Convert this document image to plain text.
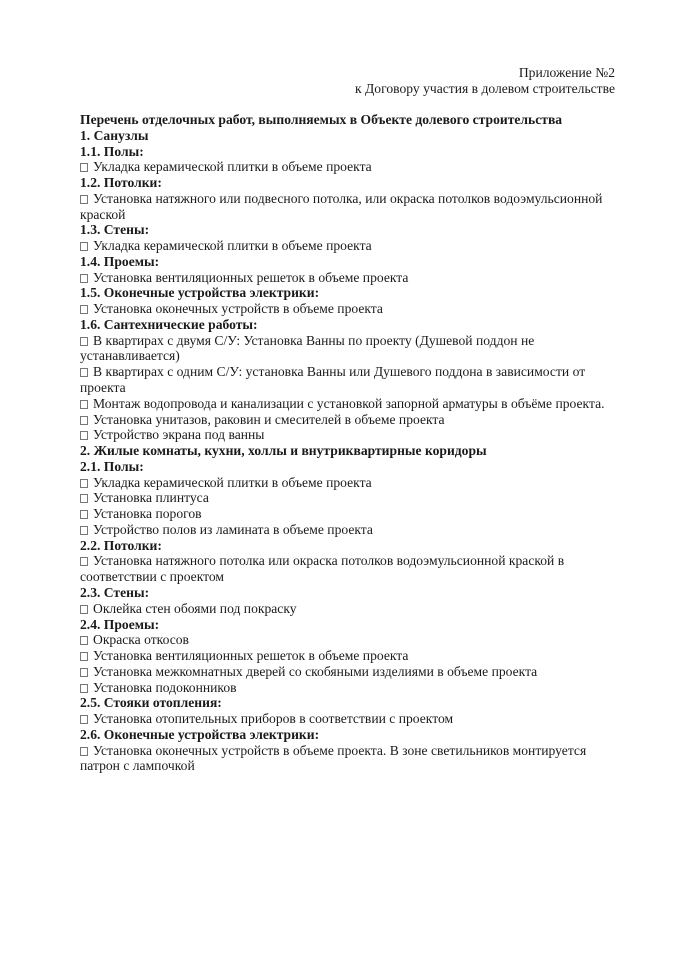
Приложение №2
к Договору участия в долевом строительстве
Перечень отделочных работ, выполняемых в Объекте долевого строительства
1. Санузлы
1.1. Полы:
Укладка керамической плитки в объеме проекта
1.2. Потолки:
Установка натяжного или подвесного потолка, или окраска потолков водоэмульсионной краской
1.3. Стены:
Укладка керамической плитки в объеме проекта
1.4. Проемы:
Установка вентиляционных решеток в объеме проекта
1.5. Оконечные устройства электрики:
Установка оконечных устройств в объеме проекта
1.6. Сантехнические работы:
В квартирах с двумя С/У: Установка Ванны по проекту (Душевой поддон не устанавливается)
В квартирах с одним С/У: установка Ванны или Душевого поддона в зависимости от проекта
Монтаж водопровода и канализации с установкой запорной арматуры в объёме проекта.
Установка унитазов, раковин и смесителей в объеме проекта
Устройство экрана под ванны
2. Жилые комнаты, кухни, холлы и внутриквартирные коридоры
2.1. Полы:
Укладка керамической плитки в объеме проекта
Установка плинтуса
Установка порогов
Устройство полов из ламината в объеме проекта
2.2. Потолки:
Установка натяжного потолка или окраска потолков водоэмульсионной краской в соответствии с проектом
2.3. Стены:
Оклейка стен обоями под покраску
2.4. Проемы:
Окраска откосов
Установка вентиляционных решеток в объеме проекта
Установка межкомнатных дверей со скобяными изделиями в объеме проекта
Установка подоконников
2.5. Стояки отопления:
Установка отопительных приборов в соответствии с проектом
2.6. Оконечные устройства электрики:
Установка оконечных устройств в объеме проекта. В зоне светильников монтируется патрон с лампочкой
